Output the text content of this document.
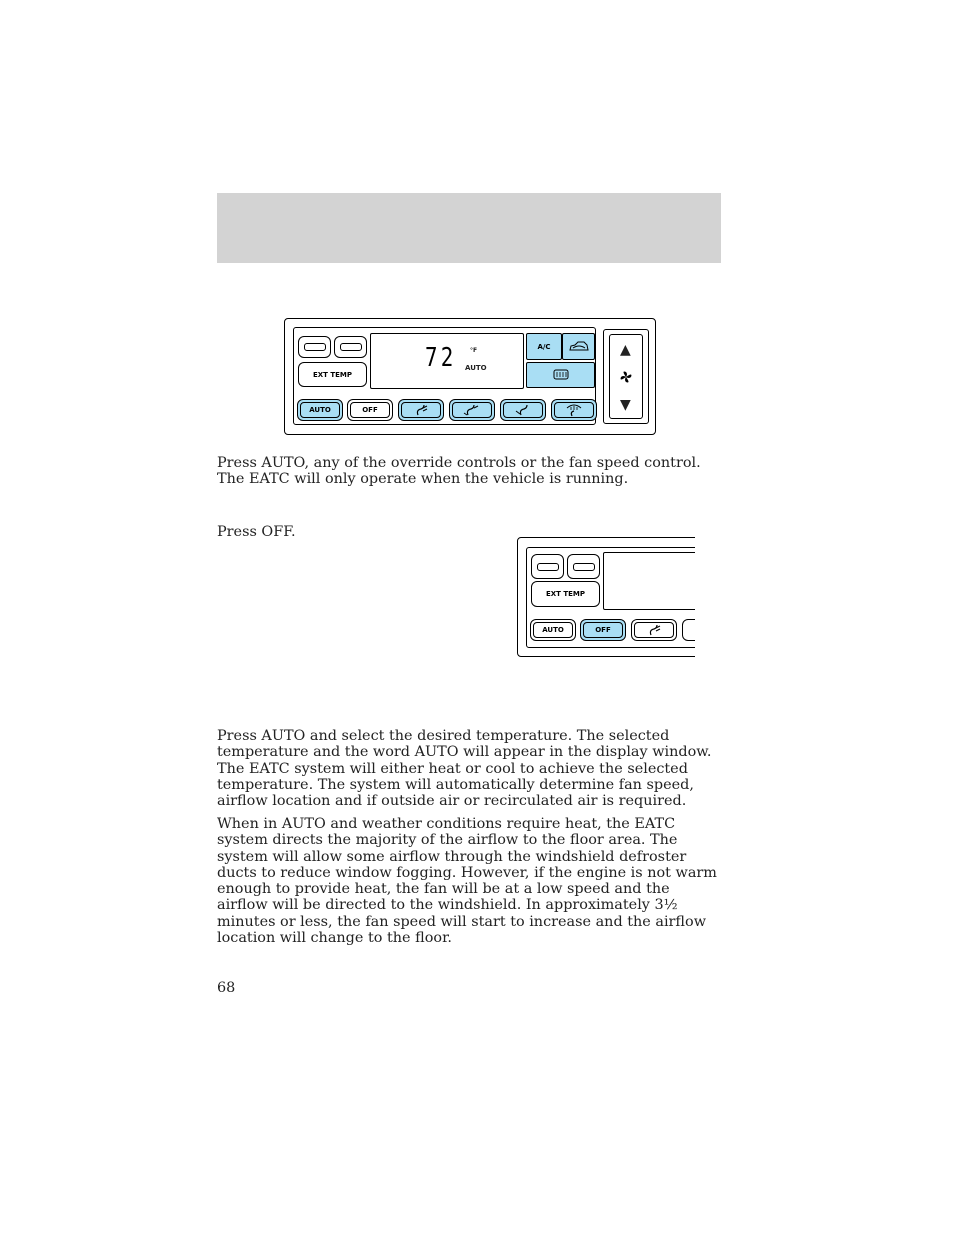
EXT TEMP
72 °F
AUTO
A/C
AUTO	OFF
▲
▼

Press AUTO, any of the override controls or the fan speed control. The EATC will only operate when the vehicle is running.

Press OFF.

EXT TEMP
AUTO	OFF

Press AUTO and select the desired temperature. The selected temperature and the word AUTO will appear in the display window. The EATC system will either heat or cool to achieve the selected temperature. The system will automatically determine fan speed, airflow location and if outside air or recirculated air is required.

When in AUTO and weather conditions require heat, the EATC system directs the majority of the airflow to the floor area. The system will allow some airflow through the windshield defroster ducts to reduce window fogging. However, if the engine is not warm enough to provide heat, the fan will be at a low speed and the airflow will be directed to the windshield. In approximately 3½ minutes or less, the fan speed will start to increase and the airflow location will change to the floor.

68
